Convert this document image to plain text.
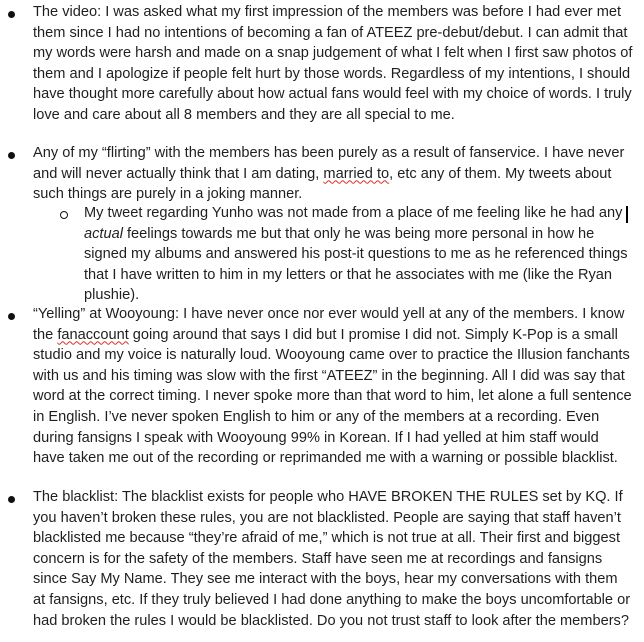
The video: I was asked what my first impression of the members was before I had ever met them since I had no intentions of becoming a fan of ATEEZ pre-debut/debut. I can admit that my words were harsh and made on a snap judgement of what I felt when I first saw photos of them and I apologize if people felt hurt by those words. Regardless of my intentions, I should have thought more carefully about how actual fans would feel with my choice of words. I truly love and care about all 8 members and they are all special to me.

Any of my “flirting” with the members has been purely as a result of fanservice. I have never and will never actually think that I am dating, married to, etc any of them. My tweets about such things are purely in a joking manner.

My tweet regarding Yunho was not made from a place of me feeling like he had any actual feelings towards me but that only he was being more personal in how he signed my albums and answered his post-it questions to me as he referenced things that I have written to him in my letters or that he associates with me (like the Ryan plushie).

“Yelling” at Wooyoung: I have never once nor ever would yell at any of the members. I know the fanaccount going around that says I did but I promise I did not. Simply K-Pop is a small studio and my voice is naturally loud. Wooyoung came over to practice the Illusion fanchants with us and his timing was slow with the first “ATEEZ” in the beginning. All I did was say that word at the correct timing. I never spoke more than that word to him, let alone a full sentence in English. I’ve never spoken English to him or any of the members at a recording. Even during fansigns I speak with Wooyoung 99% in Korean. If I had yelled at him staff would have taken me out of the recording or reprimanded me with a warning or possible blacklist.

The blacklist: The blacklist exists for people who HAVE BROKEN THE RULES set by KQ. If you haven’t broken these rules, you are not blacklisted. People are saying that staff haven’t blacklisted me because “they’re afraid of me,” which is not true at all. Their first and biggest concern is for the safety of the members. Staff have seen me at recordings and fansigns since Say My Name. They see me interact with the boys, hear my conversations with them at fansigns, etc. If they truly believed I had done anything to make the boys uncomfortable or had broken the rules I would be blacklisted. Do you not trust staff to look after the members?
